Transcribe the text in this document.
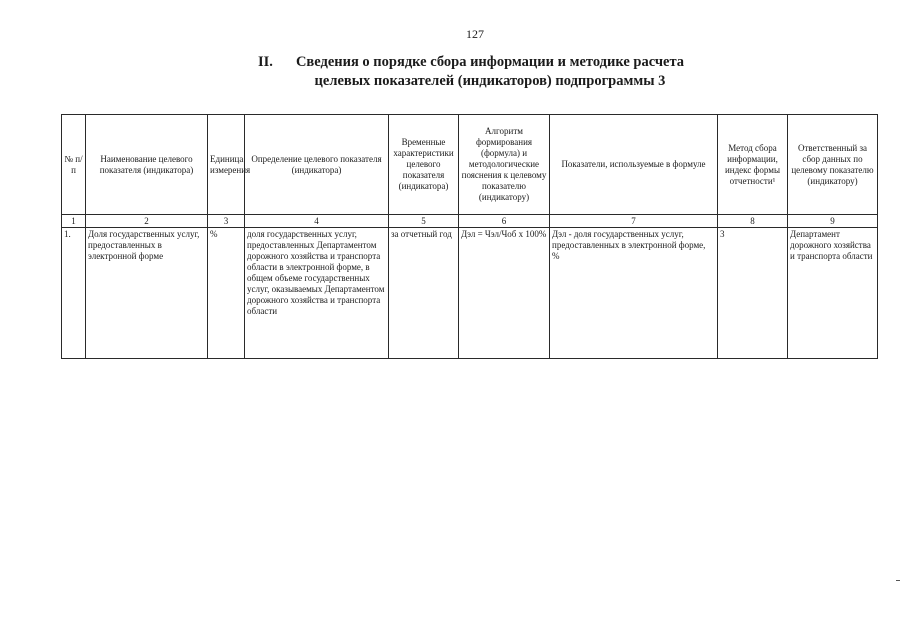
127
II.	Сведения о порядке сбора информации и методике расчета
целевых показателей (индикаторов) подпрограммы 3
№ п/п	Наименование целевого показателя (индикатора)	Единица измерения	Определение целевого показателя (индикатора)	Временные характеристики целевого показателя (индикатора)	Алгоритм формирования (формула) и методологические пояснения к целевому показателю (индикатору)	Показатели, используемые в формуле	Метод сбора информации, индекс формы отчетности¹	Ответственный за сбор данных по целевому показателю (индикатору)
1	2	3	4	5	6	7	8	9
1.	Доля государственных услуг, предоставленных в электронной форме	%	доля государственных услуг, предоставленных Департаментом дорожного хозяйства и транспорта области в электронной форме, в общем объеме государственных услуг, оказываемых Департаментом дорожного хозяйства и транспорта области	за отчетный год	Дэл = Чэл/Чоб х 100%	Дэл - доля государственных услуг, предоставленных в электронной форме, %	3	Департамент дорожного хозяйства и транспорта области
